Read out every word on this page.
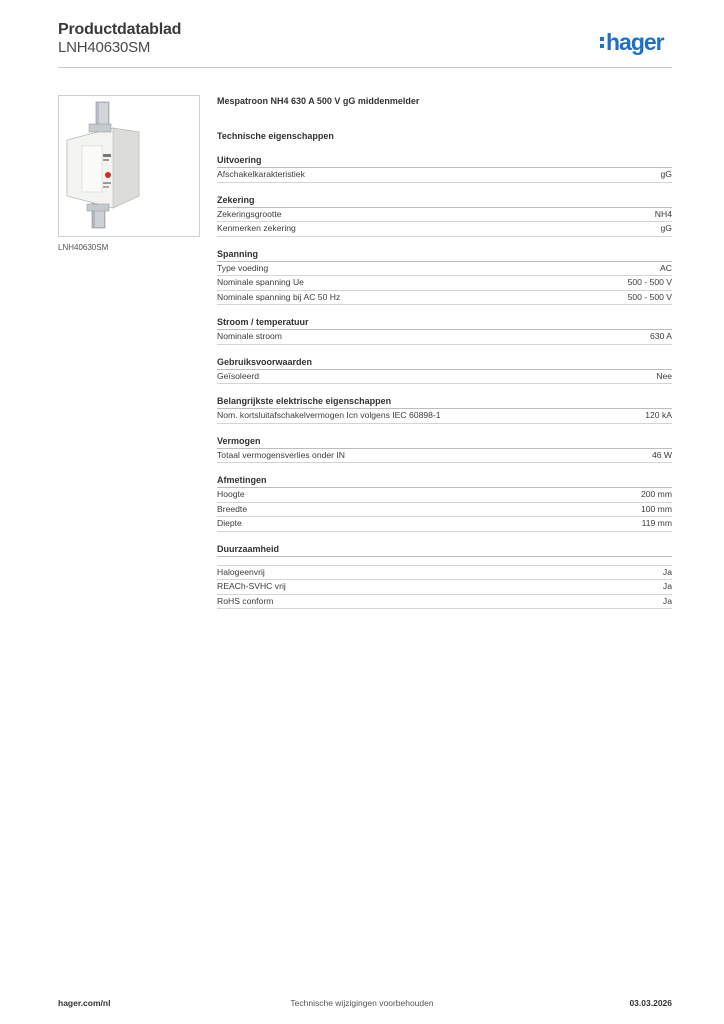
Productdatablad
LNH40630SM	hager
LNH40630SM
Mespatroon NH4 630 A 500 V gG middenmelder
Technische eigenschappen
Uitvoering
Afschakelkarakteristiek	gG
Zekering
Zekeringsgrootte	NH4
Kenmerken zekering	gG
Spanning
Type voeding	AC
Nominale spanning Ue	500 - 500 V
Nominale spanning bij AC 50 Hz	500 - 500 V
Stroom / temperatuur
Nominale stroom	630 A
Gebruiksvoorwaarden
Geïsoleerd	Nee
Belangrijkste elektrische eigenschappen
Nom. kortsluitafschakelvermogen Icn volgens IEC 60898-1	120 kA
Vermogen
Totaal vermogensverlies onder IN	46 W
Afmetingen
Hoogte	200 mm
Breedte	100 mm
Diepte	119 mm
Duurzaamheid
Halogeenvrij	Ja
REACh-SVHC vrij	Ja
RoHS conform	Ja
Technische wijzigingen voorbehouden
hager.com/nl	03.03.2026
